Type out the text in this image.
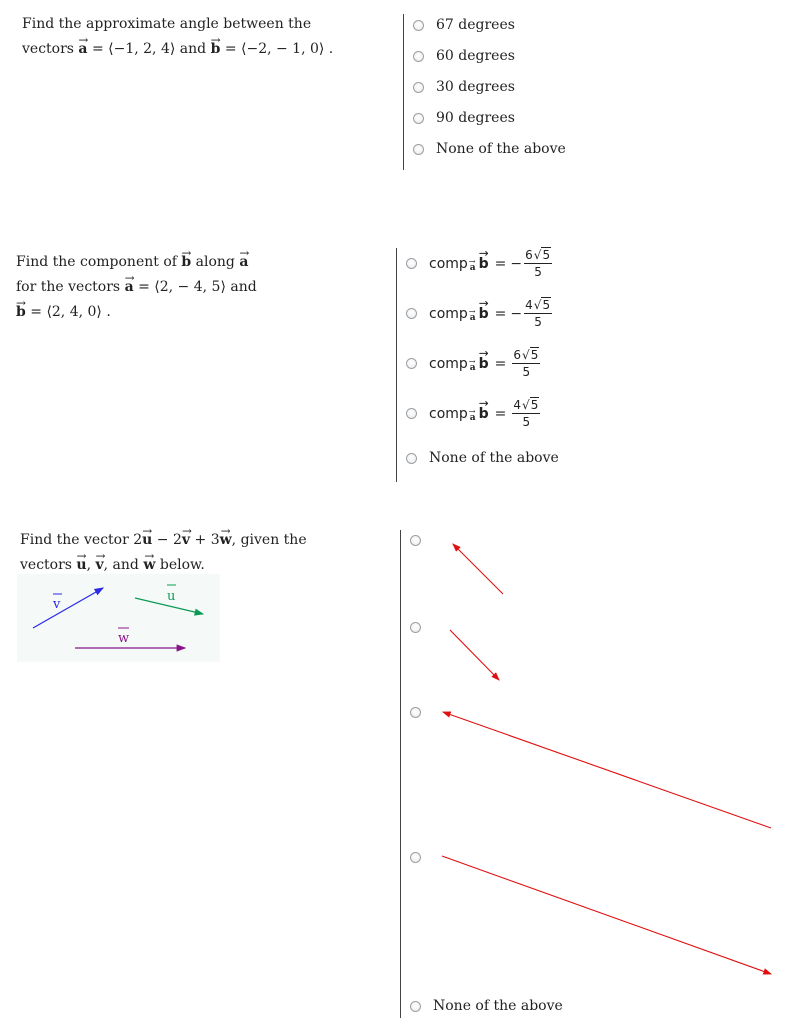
Find the approximate angle between the
vectors a → = ⟨−1, 2, 4⟩ and b → = ⟨−2, − 1, 0⟩ .
67 degrees
60 degrees
30 degrees
90 degrees
None of the above
Find the component of b → along a →
for the vectors a → = ⟨2, − 4, 5⟩ and
b → = ⟨2, 4, 0⟩ .
comp a → b → = − $\frac{6√5}{5}$
comp a → b → = − $\frac{4√5}{5}$
comp a → b → = $\frac{6√5}{5}$
comp a → b → = $\frac{4√5}{5}$
None of the above
Find the vector 2u → − 2v → + 3w →, given the
vectors u →, v →, and w → below.
v
u
w
None of the above
